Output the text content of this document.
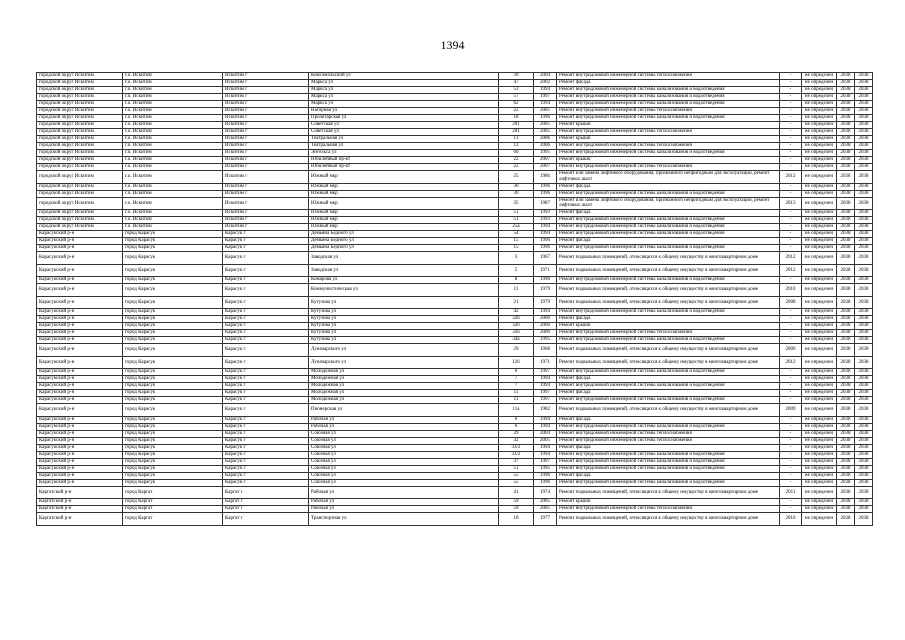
1394
городской округ Искитим	г.о. Искитим	Искитим г	Комсомольский ул	39	2004	Ремонт внутридомовой инженерной системы теплоснабжения	-	не определен	2038	2038
городской округ Искитим	г.о. Искитим	Искитим г	Маркса ул	47	2002	Ремонт фасада	-	не определен	2038	2038
городской округ Искитим	г.о. Искитим	Искитим г	Маркса ул	53	1994	Ремонт внутридомовой инженерной системы канализования и водоотведения	-	не определен	2038	2038
городской округ Искитим	г.о. Искитим	Искитим г	Маркса ул	57	1997	Ремонт внутридомовой инженерной системы канализования и водоотведения	-	не определен	2038	2038
городской округ Искитим	г.о. Искитим	Искитим г	Маркса ул	62	1994	Ремонт внутридомовой инженерной системы канализования и водоотведения	-	не определен	2038	2038
городской округ Искитим	г.о. Искитим	Искитим г	Нагорная ул	22	2005	Ремонт внутридомовой инженерной системы теплоснабжения	-	не определен	2038	2038
городской округ Искитим	г.о. Искитим	Искитим г	Пролетарская ул	18	1996	Ремонт внутридомовой инженерной системы канализования и водоотведения	-	не определен	2038	2038
городской округ Искитим	г.о. Искитим	Искитим г	Советская ул	201	2005	Ремонт крыши	-	не определен	2038	2038
городской округ Искитим	г.о. Искитим	Искитим г	Советская ул	201	2005	Ремонт внутридомовой инженерной системы теплоснабжения	-	не определен	2038	2038
городской округ Искитим	г.о. Искитим	Искитим г	Театральная ул	13	2006	Ремонт крыши	-	не определен	2038	2038
городской округ Искитим	г.о. Искитим	Искитим г	Театральная ул	13	2006	Ремонт внутридомовой инженерной системы теплоснабжения	-	не определен	2038	2038
городской округ Искитим	г.о. Искитим	Искитим г	Энгельса ул	60	1995	Ремонт внутридомовой инженерной системы канализования и водоотведения	-	не определен	2038	2038
городской округ Искитим	г.о. Искитим	Искитим г	Юбилейный пр-кт	22	2007	Ремонт крыши	-	не определен	2038	2038
городской округ Искитим	г.о. Искитим	Искитим г	Юбилейный пр-кт	22	2007	Ремонт внутридомовой инженерной системы теплоснабжения	-	не определен	2038	2038
городской округ Искитим	г.о. Искитим	Искитим г	Южный мкр	25	1986	Ремонт или замена лифтового оборудования, признанного непригодным для эксплуатации, ремонт лифтовых шахт	2012	не определен	2038	2038
городской округ Искитим	г.о. Искитим	Искитим г	Южный мкр	30	1996	Ремонт фасада	-	не определен	2038	2038
городской округ Искитим	г.о. Искитим	Искитим г	Южный мкр	30	1996	Ремонт внутридомовой инженерной системы канализования и водоотведения	-	не определен	2038	2038
городской округ Искитим	г.о. Искитим	Искитим г	Южный мкр	35	1987	Ремонт или замена лифтового оборудования, признанного непригодным для эксплуатации, ремонт лифтовых шахт	2013	не определен	2038	2038
городской округ Искитим	г.о. Искитим	Искитим г	Южный мкр	51	1993	Ремонт фасада	-	не определен	2038	2038
городской округ Искитим	г.о. Искитим	Искитим г	Южный мкр	51	1993	Ремонт внутридомовой инженерной системы канализования и водоотведения	-	не определен	2038	2038
городской округ Искитим	г.о. Искитим	Искитим г	Южный мкр	25а	1994	Ремонт внутридомовой инженерной системы канализования и водоотведения	-	не определен	2038	2038
Карасукский р-н	город Карасук	Карасук г	Демьяна Бедного ул	54	1994	Ремонт внутридомовой инженерной системы канализования и водоотведения	-	не определен	2038	2038
Карасукский р-н	город Карасук	Карасук г	Демьяна Бедного ул	15	1996	Ремонт фасада	-	не определен	2038	2038
Карасукский р-н	город Карасук	Карасук г	Демьяна Бедного ул	15	1996	Ремонт внутридомовой инженерной системы канализования и водоотведения	-	не определен	2038	2038
Карасукский р-н	город Карасук	Карасук г	Заводская ул	3	1967	Ремонт подвальных помещений, относящихся к общему имуществу в многоквартирном доме	2012	не определен	2038	2038
Карасукский р-н	город Карасук	Карасук г	Заводская ул	5	1971	Ремонт подвальных помещений, относящихся к общему имуществу в многоквартирном доме	2012	не определен	2038	2038
Карасукский р-н	город Карасук	Карасук г	Комарова ул	8	1996	Ремонт внутридомовой инженерной системы канализования и водоотведения	-	не определен	2038	2038
Карасукский р-н	город Карасук	Карасук г	Коммунистическая ул	11	1979	Ремонт подвальных помещений, относящихся к общему имуществу в многоквартирном доме	2010	не определен	2038	2038
Карасукский р-н	город Карасук	Карасук г	Кутузова ул	21	1979	Ремонт подвальных помещений, относящихся к общему имуществу в многоквартирном доме	2008	не определен	2038	2038
Карасукский р-н	город Карасук	Карасук г	Кутузова ул	42	1994	Ремонт внутридомовой инженерной системы канализования и водоотведения	-	не определен	2038	2038
Карасукский р-н	город Карасук	Карасук г	Кутузова ул	32б	2006	Ремонт фасада	-	не определен	2038	2038
Карасукский р-н	город Карасук	Карасук г	Кутузова ул	32б	2006	Ремонт крыши	-	не определен	2038	2038
Карасукский р-н	город Карасук	Карасук г	Кутузова ул	32б	2006	Ремонт внутридомовой инженерной системы теплоснабжения	-	не определен	2038	2038
Карасукский р-н	город Карасук	Карасук г	Кутузова ул	34а	1995	Ремонт внутридомовой инженерной системы канализования и водоотведения	-	не определен	2038	2038
Карасукский р-н	город Карасук	Карасук г	Луначарского ул	29	1968	Ремонт подвальных помещений, относящихся к общему имуществу в многоквартирном доме	2009	не определен	2038	2038
Карасукский р-н	город Карасук	Карасук г	Луначарского ул	126	1971	Ремонт подвальных помещений, относящихся к общему имуществу в многоквартирном доме	2012	не определен	2038	2038
Карасукский р-н	город Карасук	Карасук г	Молодежная ул	6	1997	Ремонт внутридомовой инженерной системы канализования и водоотведения	-	не определен	2038	2038
Карасукский р-н	город Карасук	Карасук г	Молодежная ул	7	1994	Ремонт фасада	-	не определен	2038	2038
Карасукский р-н	город Карасук	Карасук г	Молодежная ул	7	1994	Ремонт внутридомовой инженерной системы канализования и водоотведения	-	не определен	2038	2038
Карасукский р-н	город Карасук	Карасук г	Молодежная ул	11	1997	Ремонт фасада	-	не определен	2038	2038
Карасукский р-н	город Карасук	Карасук г	Молодежная ул	11	1997	Ремонт внутридомовой инженерной системы канализования и водоотведения	-	не определен	2038	2038
Карасукский р-н	город Карасук	Карасук г	Пионерская ул	11а	1982	Ремонт подвальных помещений, относящихся к общему имуществу в многоквартирном доме	2009	не определен	2038	2038
Карасукский р-н	город Карасук	Карасук г	Рабочая ул	6	1994	Ремонт фасада	-	не определен	2038	2038
Карасукский р-н	город Карасук	Карасук г	Рабочая ул	6	1994	Ремонт внутридомовой инженерной системы канализования и водоотведения	-	не определен	2038	2038
Карасукский р-н	город Карасук	Карасук г	Союзная ул	29	2004	Ремонт внутридомовой инженерной системы теплоснабжения	-	не определен	2038	2038
Карасукский р-н	город Карасук	Карасук г	Союзная ул	32	2005	Ремонт внутридомовой инженерной системы теплоснабжения	-	не определен	2038	2038
Карасукский р-н	город Карасук	Карасук г	Союзная ул	33/2	1994	Ремонт фасада	-	не определен	2038	2038
Карасукский р-н	город Карасук	Карасук г	Союзная ул	33/2	1994	Ремонт внутридомовой инженерной системы канализования и водоотведения	-	не определен	2038	2038
Карасукский р-н	город Карасук	Карасук г	Союзная ул	37	1997	Ремонт внутридомовой инженерной системы канализования и водоотведения	-	не определен	2038	2038
Карасукский р-н	город Карасук	Карасук г	Союзная ул	51	1995	Ремонт внутридомовой инженерной системы канализования и водоотведения	-	не определен	2038	2038
Карасукский р-н	город Карасук	Карасук г	Союзная ул	55	1996	Ремонт фасада	-	не определен	2038	2038
Карасукский р-н	город Карасук	Карасук г	Союзная ул	55	1996	Ремонт внутридомовой инженерной системы канализования и водоотведения	-	не определен	2038	2038
Каргатский р-н	город Каргат	Каргат г	Рабочая ул	41	1974	Ремонт подвальных помещений, относящихся к общему имуществу в многоквартирном доме	2011	не определен	2038	2038
Каргатский р-н	город Каргат	Каргат г	Рабочая ул	59	2005	Ремонт крыши	-	не определен	2038	2038
Каргатский р-н	город Каргат	Каргат г	Рабочая ул	59	2005	Ремонт внутридомовой инженерной системы теплоснабжения	-	не определен	2038	2038
Каргатский р-н	город Каргат	Каргат г	Транспортная ул	18	1977	Ремонт подвальных помещений, относящихся к общему имуществу в многоквартирном доме	2010	не определен	2038	2038
